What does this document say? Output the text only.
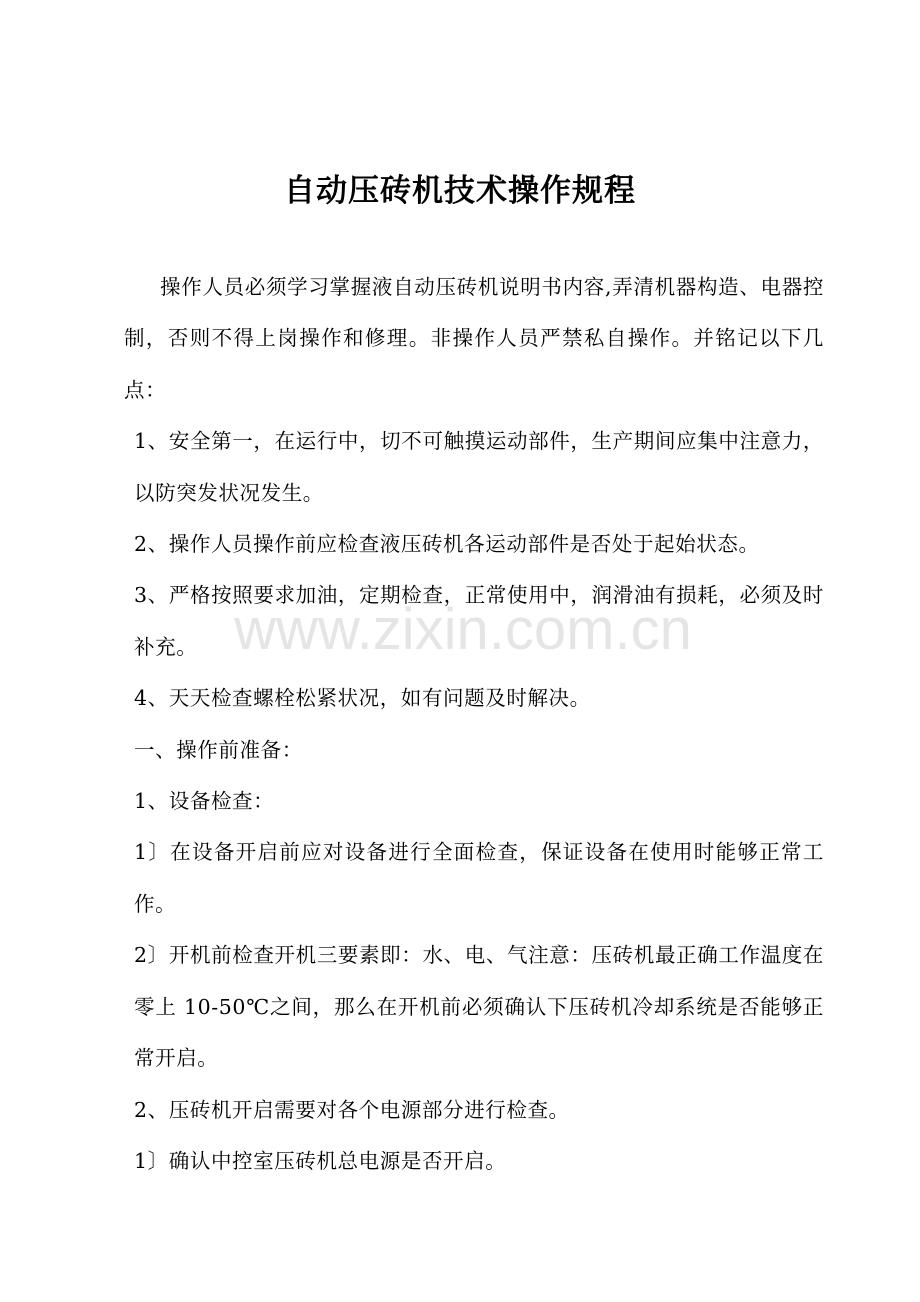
自动压砖机技术操作规程

操作人员必须学习掌握液自动压砖机说明书内容,弄清机器构造、电器控制，否则不得上岗操作和修理。非操作人员严禁私自操作。并铭记以下几点：

1、安全第一，在运行中，切不可触摸运动部件，生产期间应集中注意力，以防突发状况发生。

2、操作人员操作前应检查液压砖机各运动部件是否处于起始状态。

3、严格按照要求加油，定期检查，正常使用中，润滑油有损耗，必须及时补充。

4、天天检查螺栓松紧状况，如有问题及时解决。

一、操作前准备：

1、设备检查：

1〕在设备开启前应对设备进行全面检查，保证设备在使用时能够正常工作。

2〕开机前检查开机三要素即：水、电、气注意：压砖机最正确工作温度在零上 10-50℃之间，那么在开机前必须确认下压砖机冷却系统是否能够正常开启。

2、压砖机开启需要对各个电源部分进行检查。

1〕确认中控室压砖机总电源是否开启。

www.zixin.com.cn
